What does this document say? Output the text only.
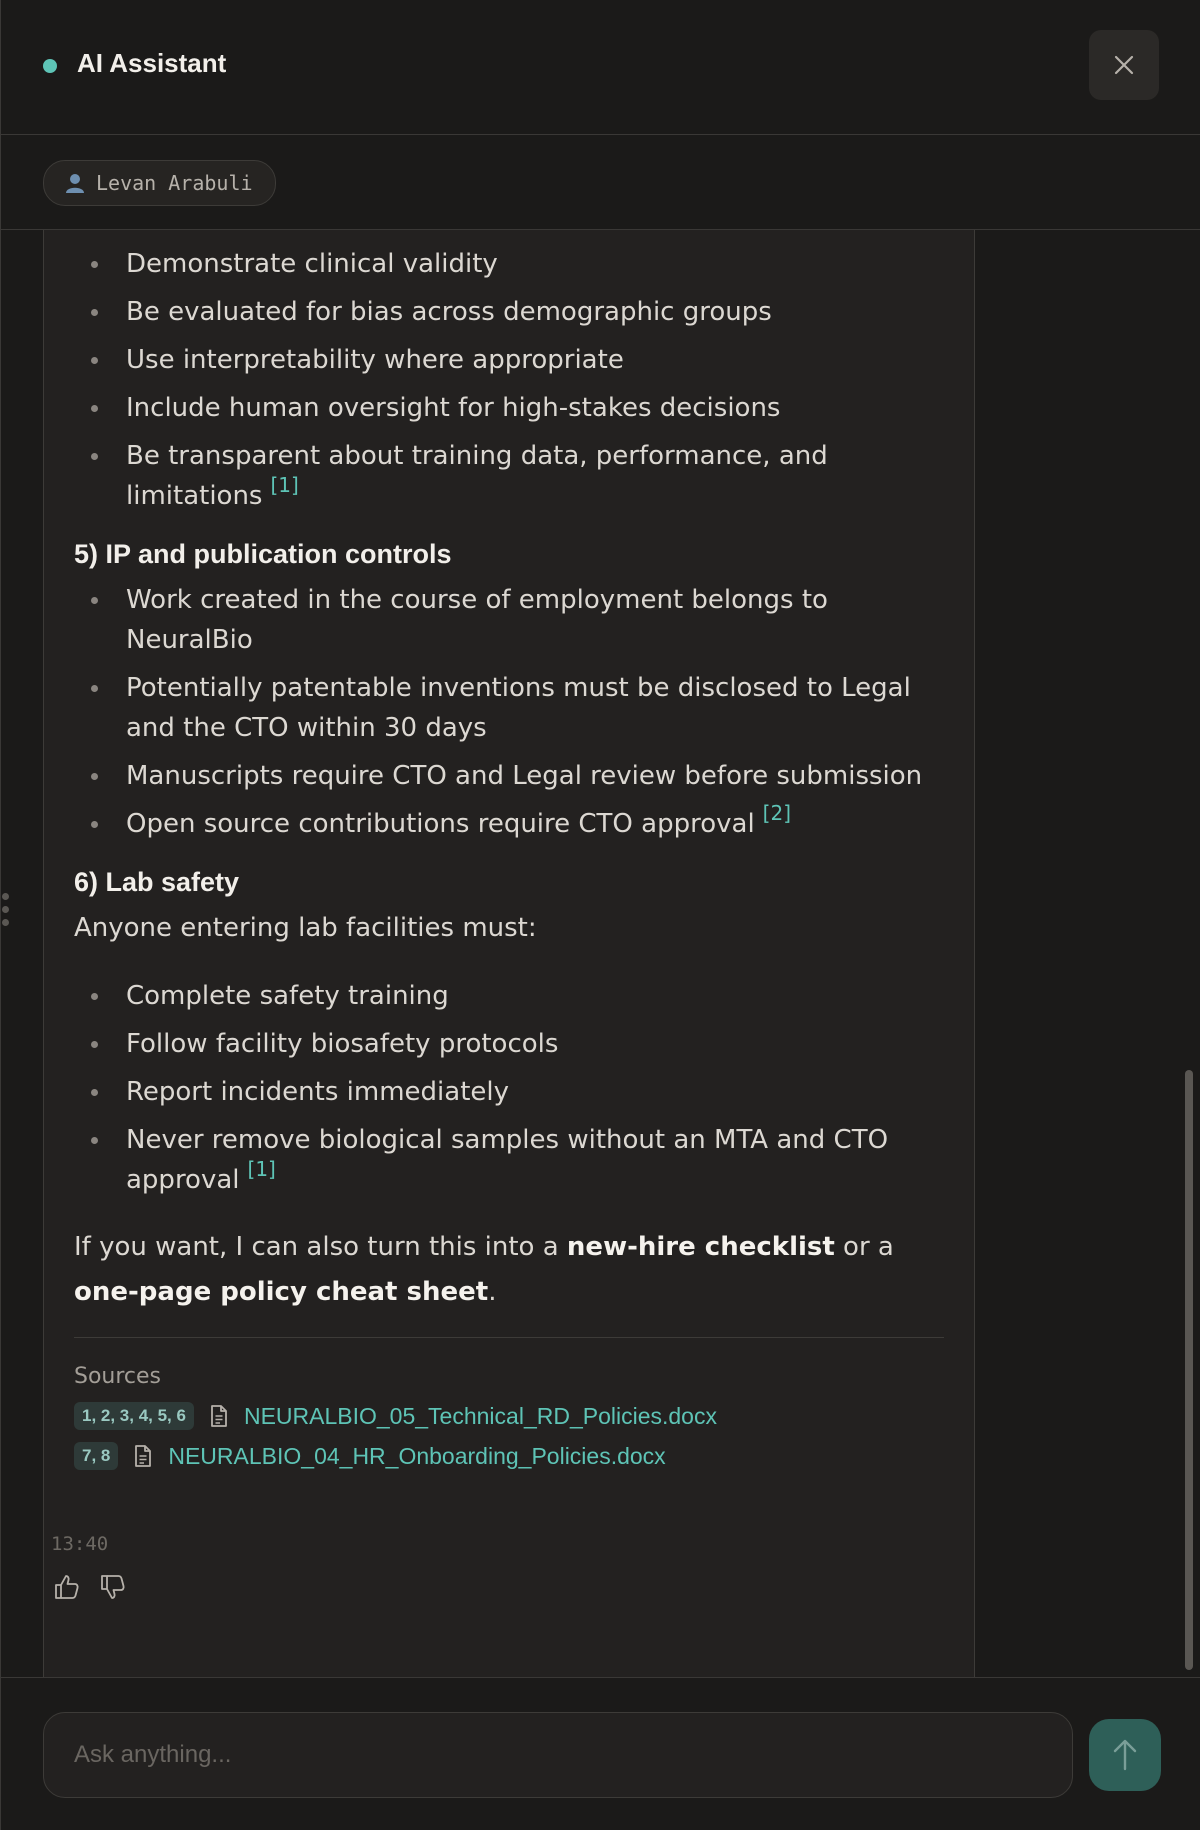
AI Assistant
Levan Arabuli
Demonstrate clinical validity
Be evaluated for bias across demographic groups
Use interpretability where appropriate
Include human oversight for high-stakes decisions
Be transparent about training data, performance, and limitations [1]
5) IP and publication controls
Work created in the course of employment belongs to NeuralBio
Potentially patentable inventions must be disclosed to Legal and the CTO within 30 days
Manuscripts require CTO and Legal review before submission
Open source contributions require CTO approval [2]
6) Lab safety

Anyone entering lab facilities must:

Complete safety training
Follow facility biosafety protocols
Report incidents immediately
Never remove biological samples without an MTA and CTO approval [1]

If you want, I can also turn this into a new-hire checklist or a one-page policy cheat sheet.

Sources
1, 2, 3, 4, 5, 6	NEURALBIO_05_Technical_RD_Policies.docx
7, 8	NEURALBIO_04_HR_Onboarding_Policies.docx
13:40
Ask anything...
